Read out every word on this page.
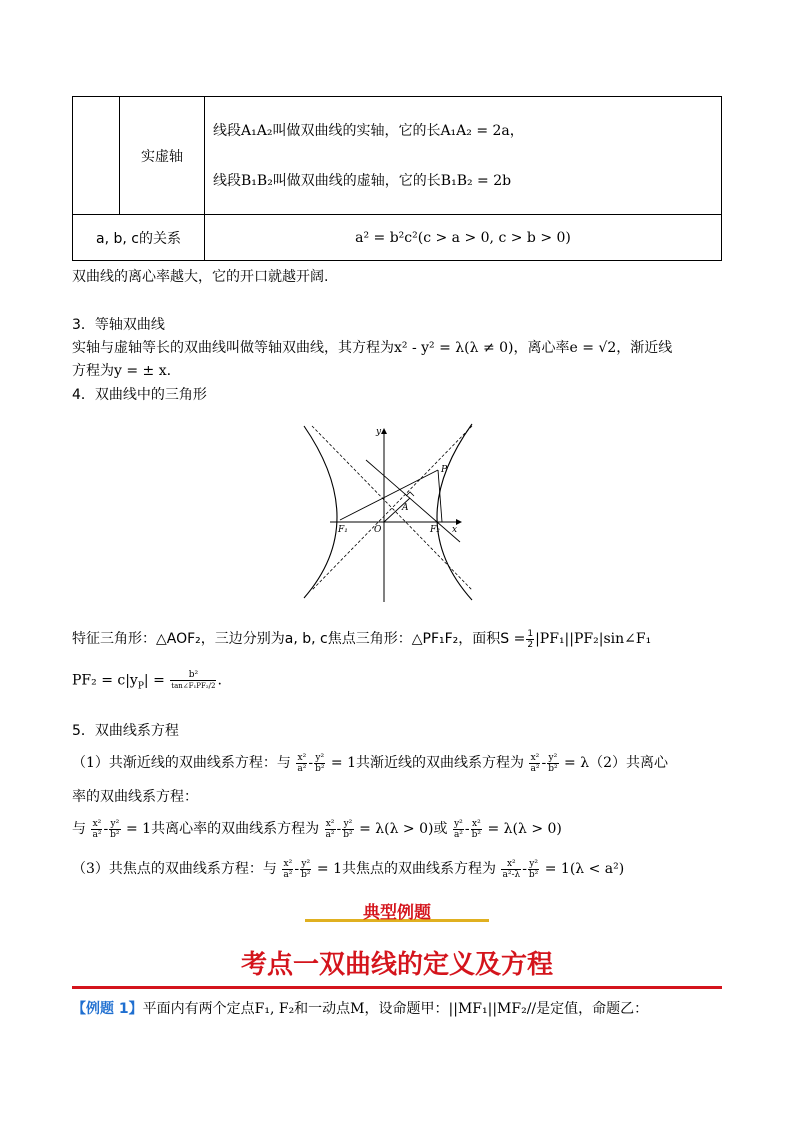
	实虚轴	线段A₁A₂叫做双曲线的实轴，它的长A₁A₂ = 2a，
线段B₁B₂叫做双曲线的虚轴，它的长B₁B₂ = 2b

a, b, c的关系		a² = b²c²(c > a > 0, c > b > 0)
双曲线的离心率越大，它的开口就越开阔.
3．等轴双曲线
实轴与虚轴等长的双曲线叫做等轴双曲线，其方程为x² - y² = λ(λ ≠ 0)，离心率e = √2，渐近线
方程为y = ± x.
4．双曲线中的三角形
y
x
P
A
O
F₁	F₂
特征三角形：△AOF₂，三边分别为a, b, c焦点三角形：△PF₁F₂，面积$S = \frac{1}{2}$ |PF₁||PF₂|sin∠F₁
$PF_2 = c|y_P| = \frac{\text{b²}}{\text{tan∠F₁PF₂/2}}$ .
5．双曲线系方程
（1）共渐近线的双曲线系方程：与 $\frac{\text{x²}}{\text{a²}} - \frac{\text{y²}}{\text{b²}} = 1$共渐近线的双曲线系方程为 $\frac{\text{x²}}{\text{a²}} - \frac{\text{y²}}{\text{b²}} = \lambda(2)$共离心
率的双曲线系方程：
与 $\frac{\text{x²}}{\text{a²}} - \frac{\text{y²}}{\text{b²}} = 1$共离心率的双曲线系方程为 $\frac{\text{x²}}{\text{a²}} - \frac{\text{y²}}{\text{b²}} = \lambda(\lambda > 0)$或 $\frac{\text{y²}}{\text{a²}} - \frac{\text{x²}}{\text{b²}} = \lambda(\lambda > 0)$
（3）共焦点的双曲线系方程：与 $\frac{\text{x²}}{\text{a²}} - \frac{\text{y²}}{\text{b²}} = 1$共焦点的双曲线系方程为 $\frac{\text{x²}}{\text{a²-λ}} - \frac{\text{y²}}{\text{b²}} = 1(\lambda < a^2)$
典型例题
考点一双曲线的定义及方程
【例题 1】平面内有两个定点F₁, F₂和一动点M，设命题甲：||MF₁||MF₂//是定值，命题乙：
